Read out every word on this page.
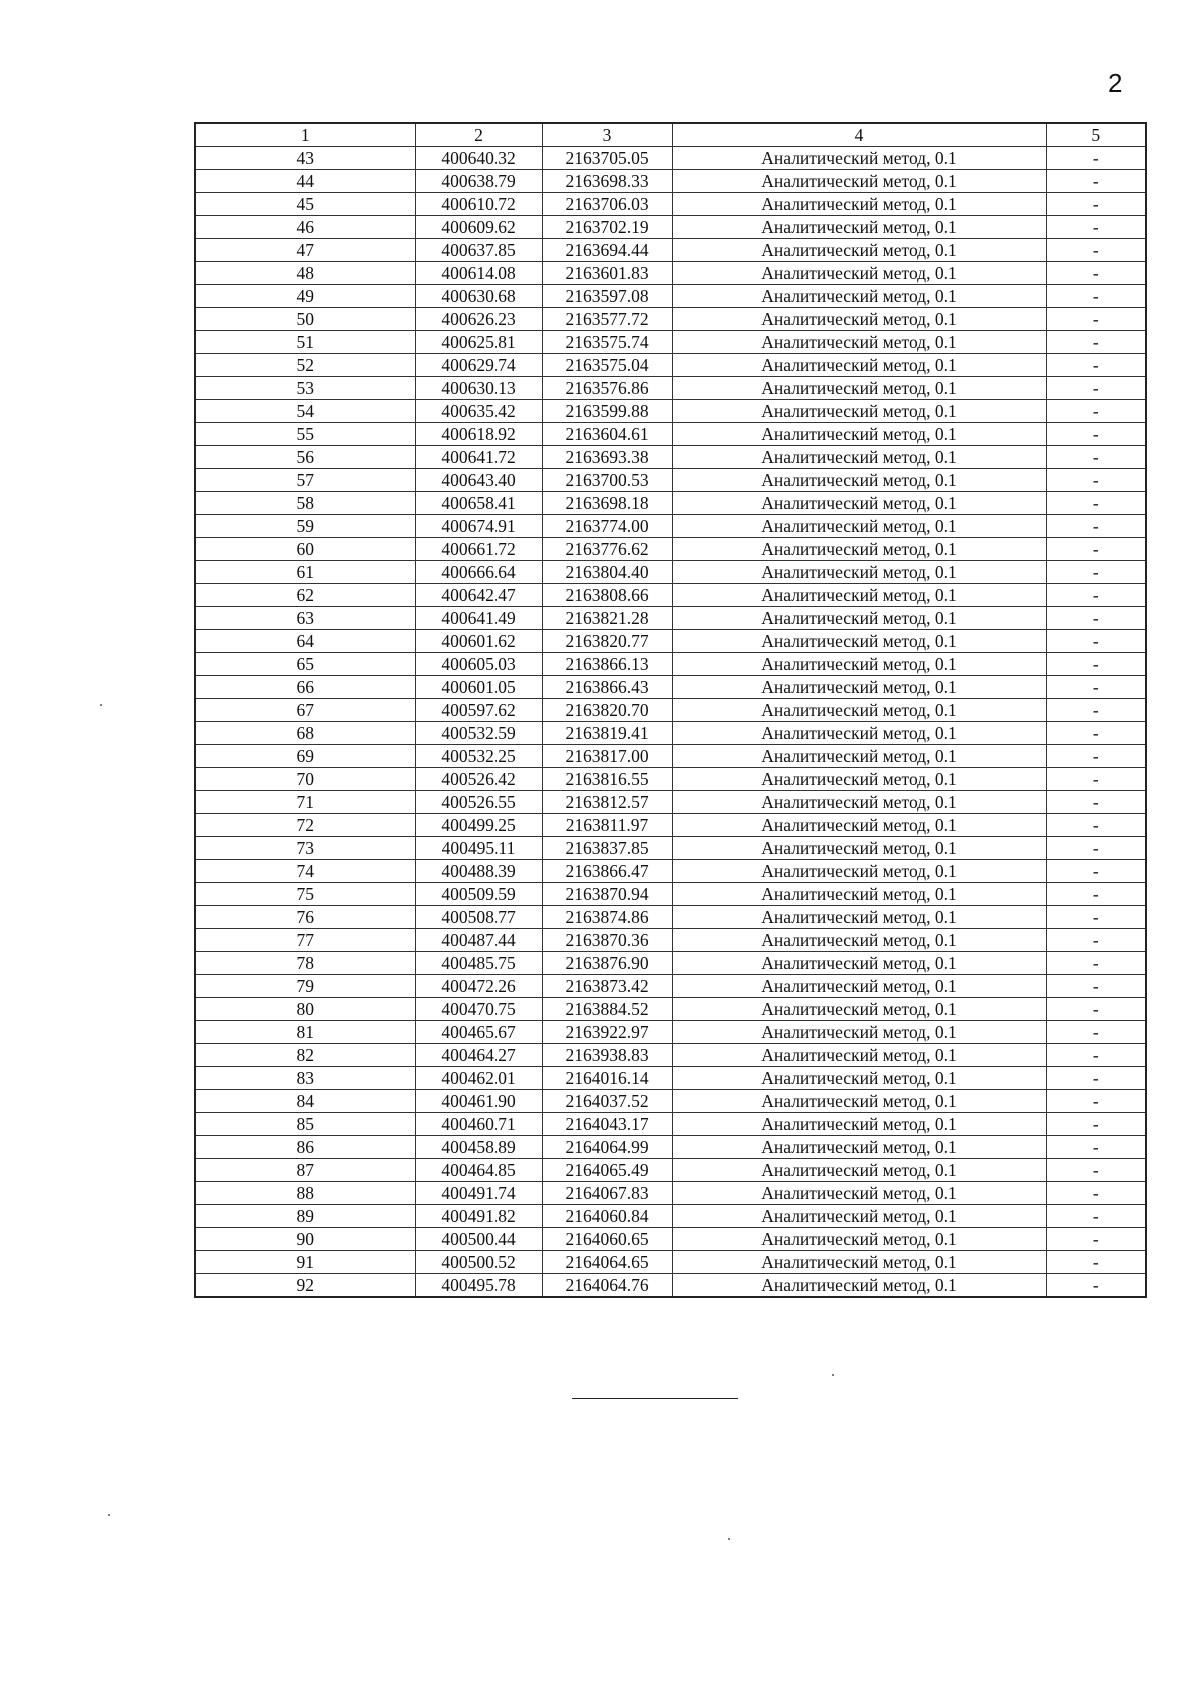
2
1	2	3	4	5
43	400640.32	2163705.05	Аналитический метод, 0.1	-
44	400638.79	2163698.33	Аналитический метод, 0.1	-
45	400610.72	2163706.03	Аналитический метод, 0.1	-
46	400609.62	2163702.19	Аналитический метод, 0.1	-
47	400637.85	2163694.44	Аналитический метод, 0.1	-
48	400614.08	2163601.83	Аналитический метод, 0.1	-
49	400630.68	2163597.08	Аналитический метод, 0.1	-
50	400626.23	2163577.72	Аналитический метод, 0.1	-
51	400625.81	2163575.74	Аналитический метод, 0.1	-
52	400629.74	2163575.04	Аналитический метод, 0.1	-
53	400630.13	2163576.86	Аналитический метод, 0.1	-
54	400635.42	2163599.88	Аналитический метод, 0.1	-
55	400618.92	2163604.61	Аналитический метод, 0.1	-
56	400641.72	2163693.38	Аналитический метод, 0.1	-
57	400643.40	2163700.53	Аналитический метод, 0.1	-
58	400658.41	2163698.18	Аналитический метод, 0.1	-
59	400674.91	2163774.00	Аналитический метод, 0.1	-
60	400661.72	2163776.62	Аналитический метод, 0.1	-
61	400666.64	2163804.40	Аналитический метод, 0.1	-
62	400642.47	2163808.66	Аналитический метод, 0.1	-
63	400641.49	2163821.28	Аналитический метод, 0.1	-
64	400601.62	2163820.77	Аналитический метод, 0.1	-
65	400605.03	2163866.13	Аналитический метод, 0.1	-
66	400601.05	2163866.43	Аналитический метод, 0.1	-
67	400597.62	2163820.70	Аналитический метод, 0.1	-
68	400532.59	2163819.41	Аналитический метод, 0.1	-
69	400532.25	2163817.00	Аналитический метод, 0.1	-
70	400526.42	2163816.55	Аналитический метод, 0.1	-
71	400526.55	2163812.57	Аналитический метод, 0.1	-
72	400499.25	2163811.97	Аналитический метод, 0.1	-
73	400495.11	2163837.85	Аналитический метод, 0.1	-
74	400488.39	2163866.47	Аналитический метод, 0.1	-
75	400509.59	2163870.94	Аналитический метод, 0.1	-
76	400508.77	2163874.86	Аналитический метод, 0.1	-
77	400487.44	2163870.36	Аналитический метод, 0.1	-
78	400485.75	2163876.90	Аналитический метод, 0.1	-
79	400472.26	2163873.42	Аналитический метод, 0.1	-
80	400470.75	2163884.52	Аналитический метод, 0.1	-
81	400465.67	2163922.97	Аналитический метод, 0.1	-
82	400464.27	2163938.83	Аналитический метод, 0.1	-
83	400462.01	2164016.14	Аналитический метод, 0.1	-
84	400461.90	2164037.52	Аналитический метод, 0.1	-
85	400460.71	2164043.17	Аналитический метод, 0.1	-
86	400458.89	2164064.99	Аналитический метод, 0.1	-
87	400464.85	2164065.49	Аналитический метод, 0.1	-
88	400491.74	2164067.83	Аналитический метод, 0.1	-
89	400491.82	2164060.84	Аналитический метод, 0.1	-
90	400500.44	2164060.65	Аналитический метод, 0.1	-
91	400500.52	2164064.65	Аналитический метод, 0.1	-
92	400495.78	2164064.76	Аналитический метод, 0.1	-
